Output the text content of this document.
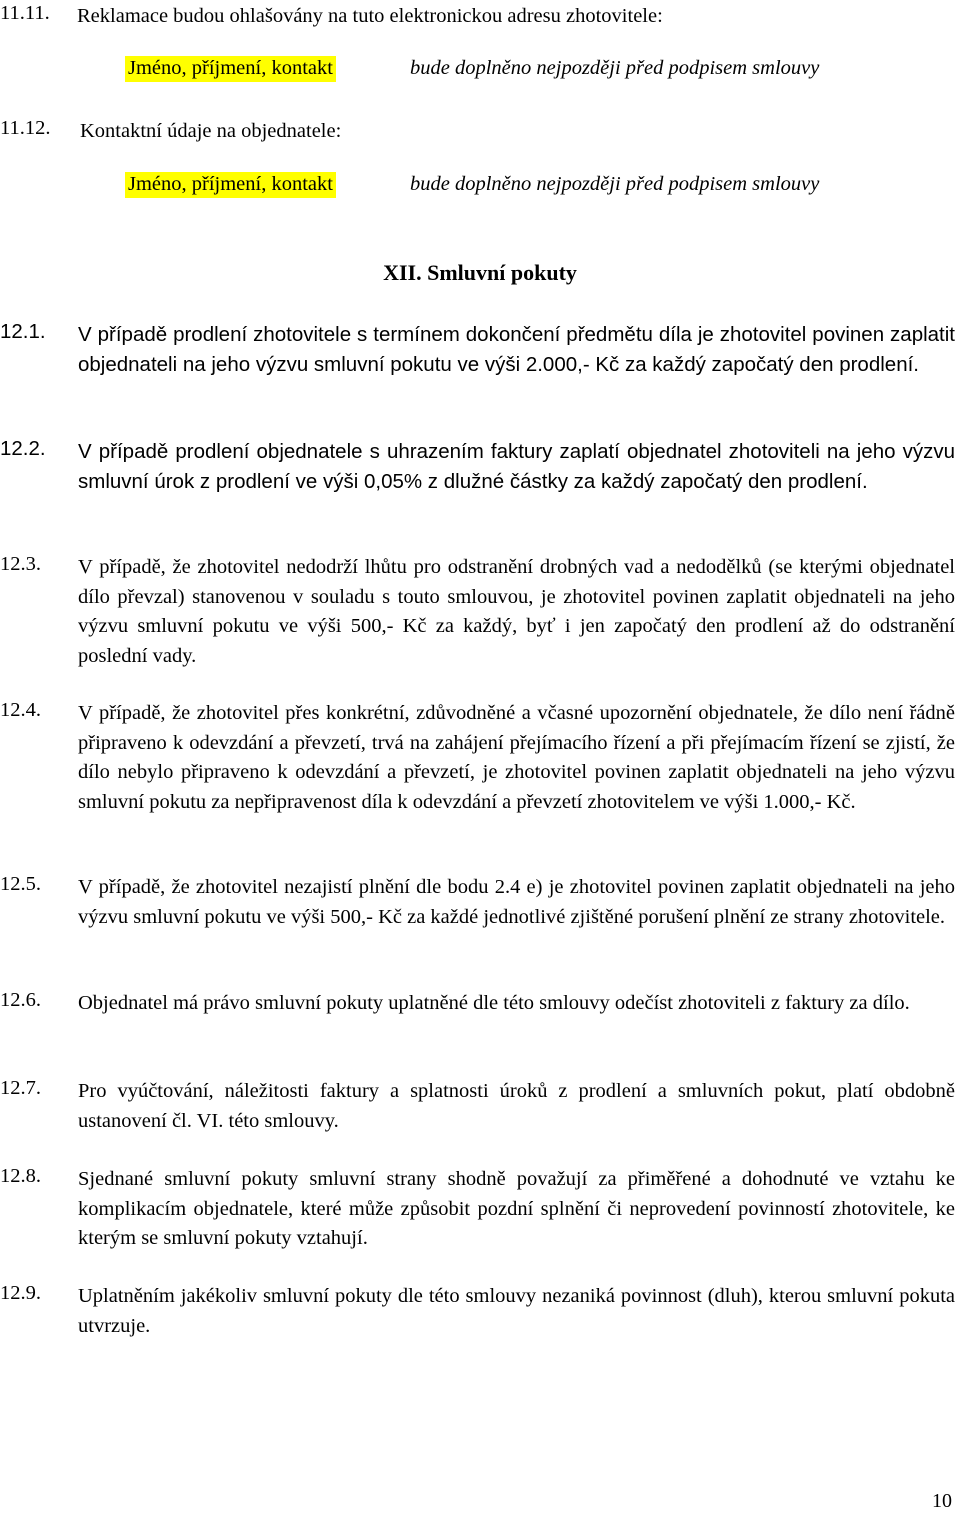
11.11. Reklamace budou ohlašovány na tuto elektronickou adresu zhotovitele:
Jméno, příjmení, kontakt	bude doplněno nejpozději před podpisem smlouvy
11.12. Kontaktní údaje na objednatele:
Jméno, příjmení, kontakt	bude doplněno nejpozději před podpisem smlouvy
XII. Smluvní pokuty
12.1. V případě prodlení zhotovitele s termínem dokončení předmětu díla je zhotovitel povinen zaplatit objednateli na jeho výzvu smluvní pokutu ve výši 2.000,- Kč za každý započatý den prodlení.
12.2. V případě prodlení objednatele s uhrazením faktury zaplatí objednatel zhotoviteli na jeho výzvu smluvní úrok z prodlení ve výši 0,05% z dlužné částky za každý započatý den prodlení.
12.3. V případě, že zhotovitel nedodrží lhůtu pro odstranění drobných vad a nedodělků (se kterými objednatel dílo převzal) stanovenou v souladu s touto smlouvou, je zhotovitel povinen zaplatit objednateli na jeho výzvu smluvní pokutu ve výši 500,- Kč za každý, byť i jen započatý den prodlení až do odstranění poslední vady.
12.4. V případě, že zhotovitel přes konkrétní, zdůvodněné a včasné upozornění objednatele, že dílo není řádně připraveno k odevzdání a převzetí, trvá na zahájení přejímacího řízení a při přejímacím řízení se zjistí, že dílo nebylo připraveno k odevzdání a převzetí, je zhotovitel povinen zaplatit objednateli na jeho výzvu smluvní pokutu za nepřipravenost díla k odevzdání a převzetí zhotovitelem ve výši 1.000,- Kč.
12.5. V případě, že zhotovitel nezajistí plnění dle bodu 2.4 e) je zhotovitel povinen zaplatit objednateli na jeho výzvu smluvní pokutu ve výši 500,- Kč za každé jednotlivé zjištěné porušení plnění ze strany zhotovitele.
12.6. Objednatel má právo smluvní pokuty uplatněné dle této smlouvy odečíst zhotoviteli z faktury za dílo.
12.7. Pro vyúčtování, náležitosti faktury a splatnosti úroků z prodlení a smluvních pokut, platí obdobně ustanovení čl. VI. této smlouvy.
12.8. Sjednané smluvní pokuty smluvní strany shodně považují za přiměřené a dohodnuté ve vztahu ke komplikacím objednatele, které může způsobit pozdní splnění či neprovedení povinností zhotovitele, ke kterým se smluvní pokuty vztahují.
12.9. Uplatněním jakékoliv smluvní pokuty dle této smlouvy nezaniká povinnost (dluh), kterou smluvní pokuta utvrzuje.
10
